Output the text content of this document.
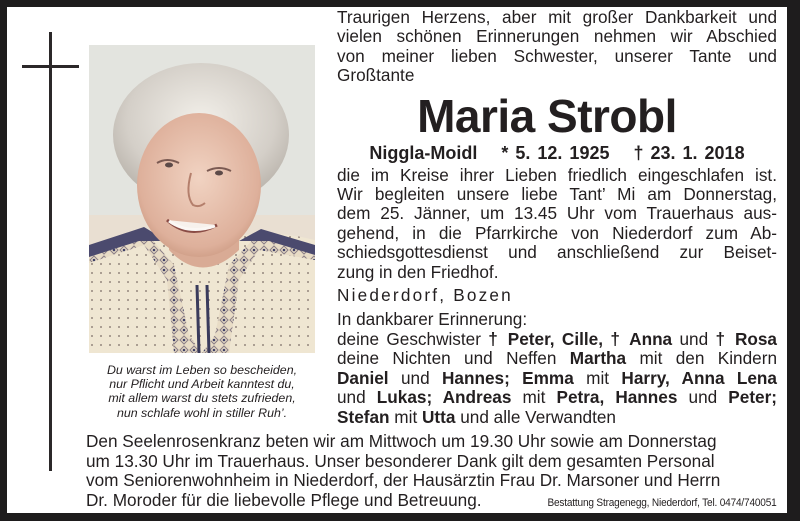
Du warst im Leben so bescheiden,
nur Pflicht und Arbeit kanntest du,
mit allem warst du stets zufrieden,
nun schlafe wohl in stiller Ruh’.
Traurigen Herzens, aber mit großer Dankbarkeit und
vielen schönen Erinnerungen nehmen wir Abschied
von meiner lieben Schwester, unserer Tante und
Großtante
Maria Strobl
Niggla-Moidl * 5. 12. 1925 † 23. 1. 2018
die im Kreise ihrer Lieben friedlich eingeschlafen ist.
Wir begleiten unsere liebe Tant’ Mi am Donnerstag,
dem 25. Jänner, um 13.45 Uhr vom Trauerhaus aus-
gehend, in die Pfarrkirche von Niederdorf zum Ab-
schiedsgottesdienst und anschließend zur Beiset-
zung in den Friedhof.
Niederdorf, Bozen
In dankbarer Erinnerung:
deine Geschwister † Peter, Cille, † Anna und † Rosa
deine Nichten und Neffen Martha mit den Kindern
Daniel und Hannes; Emma mit Harry, Anna Lena
und Lukas; Andreas mit Petra, Hannes und Peter;
Stefan mit Utta und alle Verwandten
Den Seelenrosenkranz beten wir am Mittwoch um 19.30 Uhr sowie am Donnerstag
um 13.30 Uhr im Trauerhaus. Unser besonderer Dank gilt dem gesamten Personal
vom Seniorenwohnheim in Niederdorf, der Hausärztin Frau Dr. Marsoner und Herrn
Dr. Moroder für die liebevolle Pflege und Betreuung.	Bestattung Stragenegg, Niederdorf, Tel. 0474/740051
